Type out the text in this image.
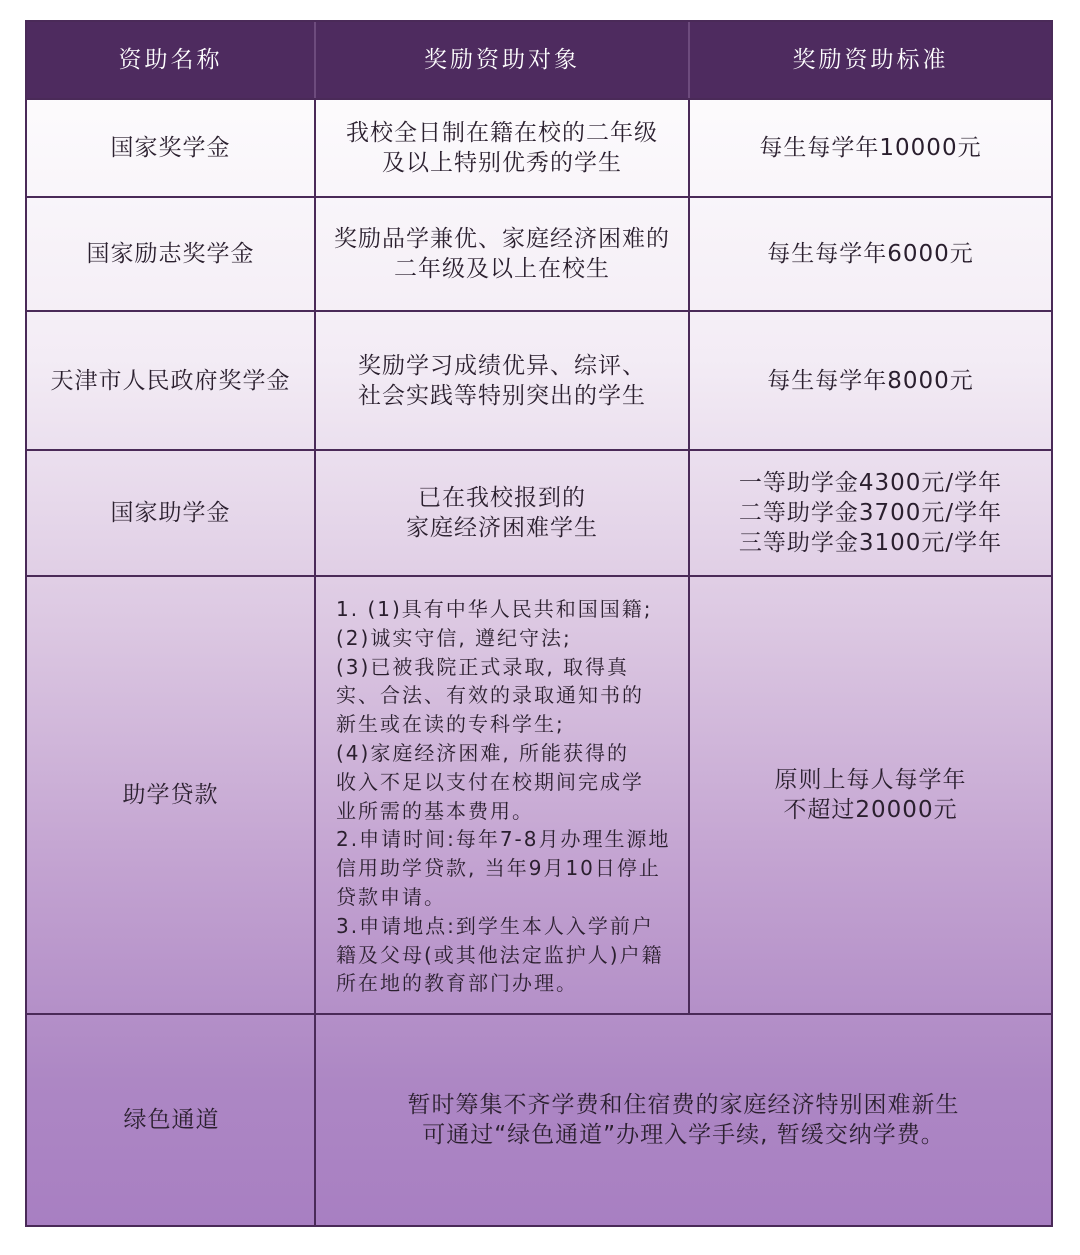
资助名称	奖励资助对象	奖励资助标准
国家奖学金
我校全日制在籍在校的二年级
及以上特别优秀的学生
每生每学年10000元
国家励志奖学金
奖励品学兼优、家庭经济困难的
二年级及以上在校生
每生每学年6000元
天津市人民政府奖学金
奖励学习成绩优异、综评、
社会实践等特别突出的学生
每生每学年8000元
国家助学金
已在我校报到的
家庭经济困难学生
一等助学金4300元/学年
二等助学金3700元/学年
三等助学金3100元/学年
助学贷款
1. (1)具有中华人民共和国国籍;
(2)诚实守信, 遵纪守法;
(3)已被我院正式录取, 取得真
实、合法、有效的录取通知书的
新生或在读的专科学生;
(4)家庭经济困难, 所能获得的
收入不足以支付在校期间完成学
业所需的基本费用。
2.申请时间:每年7-8月办理生源地
信用助学贷款, 当年9月10日停止
贷款申请。
3.申请地点:到学生本人入学前户
籍及父母(或其他法定监护人)户籍
所在地的教育部门办理。
原则上每人每学年
不超过20000元
绿色通道
暂时筹集不齐学费和住宿费的家庭经济特别困难新生
可通过“绿色通道”办理入学手续, 暂缓交纳学费。
